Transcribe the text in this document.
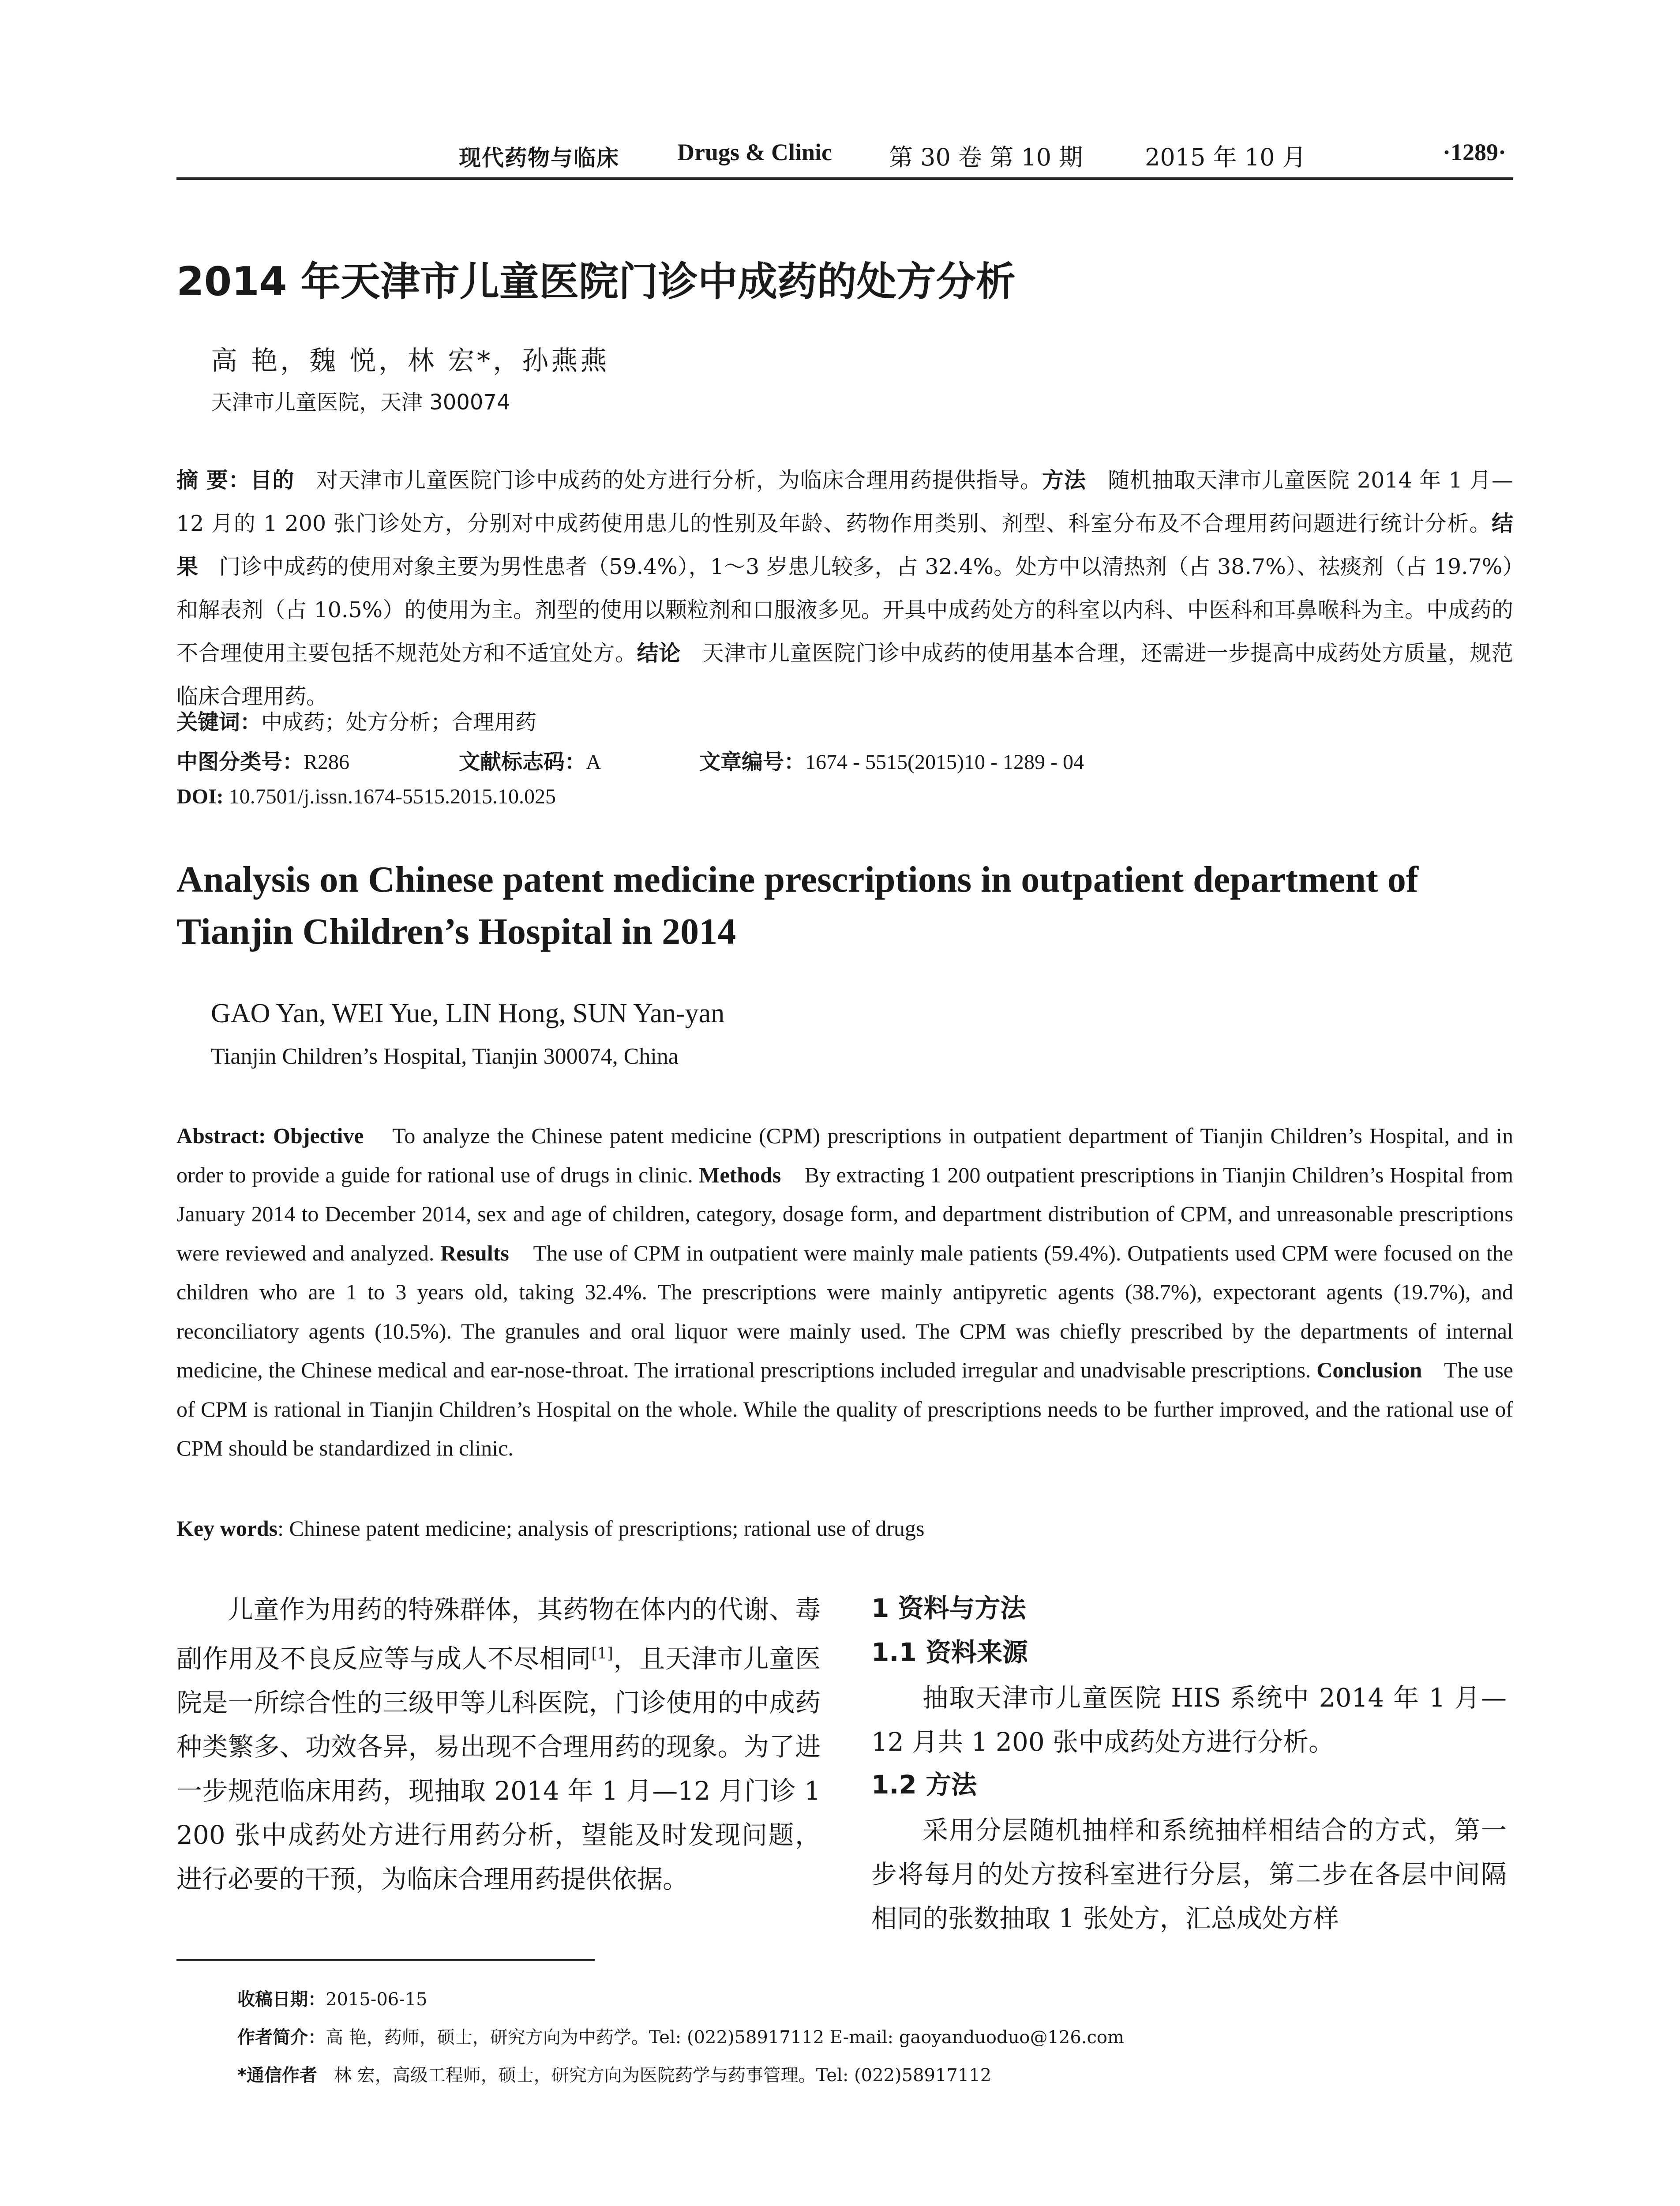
现代药物与临床 Drugs & Clinic 第 30 卷 第 10 期	2015 年 10 月	·1289·
2014 年天津市儿童医院门诊中成药的处方分析
高 艳，魏 悦，林 宏*，孙燕燕
天津市儿童医院，天津 300074
摘 要：目的 对天津市儿童医院门诊中成药的处方进行分析，为临床合理用药提供指导。方法 随机抽取天津市儿童医院 2014 年 1 月—12 月的 1 200 张门诊处方，分别对中成药使用患儿的性别及年龄、药物作用类别、剂型、科室分布及不合理用药问题进行统计分析。结果 门诊中成药的使用对象主要为男性患者（59.4%），1～3 岁患儿较多，占 32.4%。处方中以清热剂（占 38.7%）、祛痰剂（占 19.7%）和解表剂（占 10.5%）的使用为主。剂型的使用以颗粒剂和口服液多见。开具中成药处方的科室以内科、中医科和耳鼻喉科为主。中成药的不合理使用主要包括不规范处方和不适宜处方。结论 天津市儿童医院门诊中成药的使用基本合理，还需进一步提高中成药处方质量，规范临床合理用药。
关键词：中成药；处方分析；合理用药
中图分类号：R286	文献标志码：A	文章编号：1674 - 5515(2015)10 - 1289 - 04
DOI: 10.7501/j.issn.1674-5515.2015.10.025
Analysis on Chinese patent medicine prescriptions in outpatient department of Tianjin Children’s Hospital in 2014
GAO Yan, WEI Yue, LIN Hong, SUN Yan-yan
Tianjin Children’s Hospital, Tianjin 300074, China
Abstract: Objective To analyze the Chinese patent medicine (CPM) prescriptions in outpatient department of Tianjin Children’s Hospital, and in order to provide a guide for rational use of drugs in clinic. Methods By extracting 1 200 outpatient prescriptions in Tianjin Children’s Hospital from January 2014 to December 2014, sex and age of children, category, dosage form, and department distribution of CPM, and unreasonable prescriptions were reviewed and analyzed. Results The use of CPM in outpatient were mainly male patients (59.4%). Outpatients used CPM were focused on the children who are 1 to 3 years old, taking 32.4%. The prescriptions were mainly antipyretic agents (38.7%), expectorant agents (19.7%), and reconciliatory agents (10.5%). The granules and oral liquor were mainly used. The CPM was chiefly prescribed by the departments of internal medicine, the Chinese medical and ear-nose-throat. The irrational prescriptions included irregular and unadvisable prescriptions. Conclusion The use of CPM is rational in Tianjin Children’s Hospital on the whole. While the quality of prescriptions needs to be further improved, and the rational use of CPM should be standardized in clinic.
Key words: Chinese patent medicine; analysis of prescriptions; rational use of drugs
儿童作为用药的特殊群体，其药物在体内的代谢、毒副作用及不良反应等与成人不尽相同[1]，且天津市儿童医院是一所综合性的三级甲等儿科医院，门诊使用的中成药种类繁多、功效各异，易出现不合理用药的现象。为了进一步规范临床用药，现抽取 2014 年 1 月—12 月门诊 1 200 张中成药处方进行用药分析，望能及时发现问题，进行必要的干预，为临床合理用药提供依据。
1 资料与方法
1.1 资料来源
抽取天津市儿童医院 HIS 系统中 2014 年 1 月—12 月共 1 200 张中成药处方进行分析。
1.2 方法
采用分层随机抽样和系统抽样相结合的方式，第一步将每月的处方按科室进行分层，第二步在各层中间隔相同的张数抽取 1 张处方，汇总成处方样
收稿日期：2015-06-15
作者简介：高 艳，药师，硕士，研究方向为中药学。Tel: (022)58917112 E-mail: gaoyanduoduo@126.com
*通信作者 林 宏，高级工程师，硕士，研究方向为医院药学与药事管理。Tel: (022)58917112
